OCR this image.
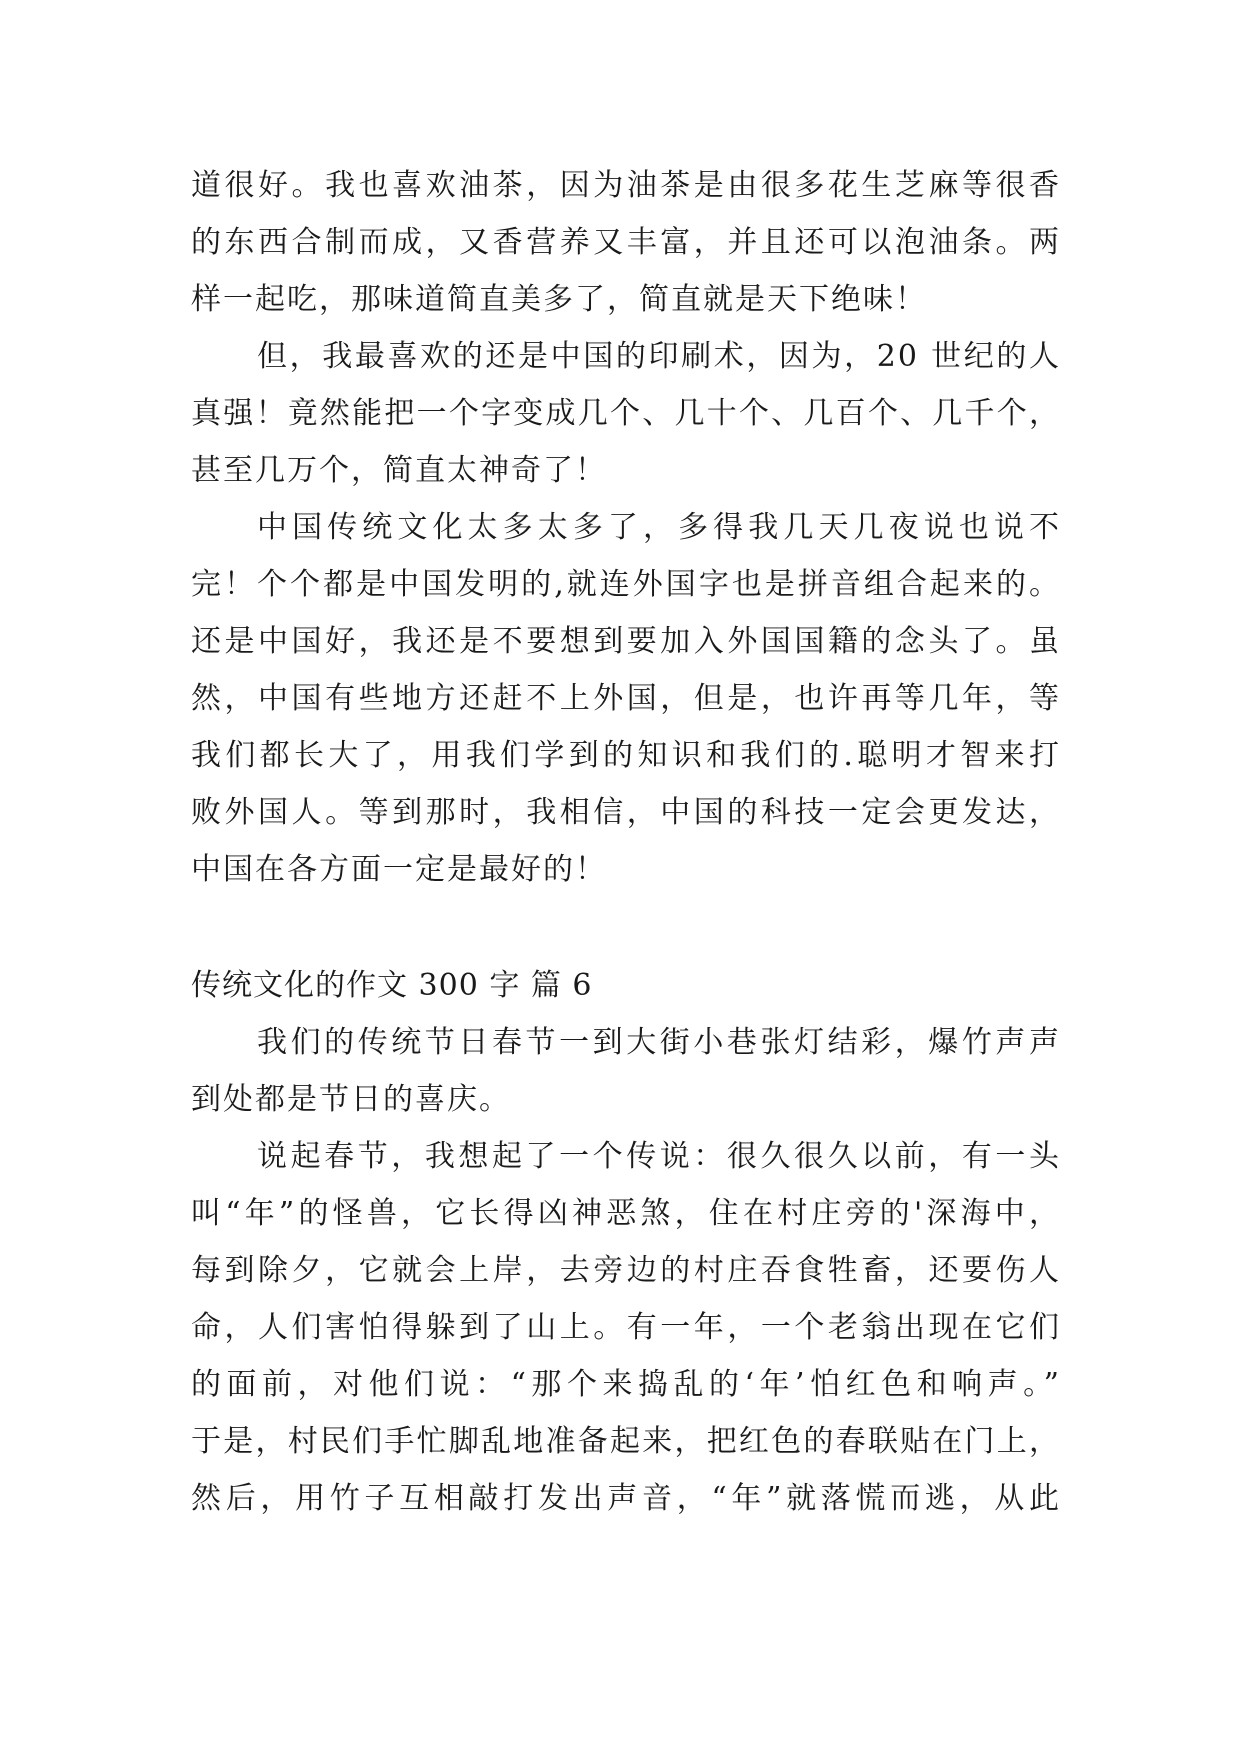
道很好。我也喜欢油茶，因为油茶是由很多花生芝麻等很香
的东西合制而成，又香营养又丰富，并且还可以泡油条。两
样一起吃，那味道简直美多了，简直就是天下绝味！
但，我最喜欢的还是中国的印刷术，因为，20 世纪的人
真强！竟然能把一个字变成几个、几十个、几百个、几千个，
甚至几万个，简直太神奇了！
中国传统文化太多太多了，多得我几天几夜说也说不
完！个个都是中国发明的,就连外国字也是拼音组合起来的。
还是中国好，我还是不要想到要加入外国国籍的念头了。虽
然，中国有些地方还赶不上外国，但是，也许再等几年，等
我们都长大了，用我们学到的知识和我们的.聪明才智来打
败外国人。等到那时，我相信，中国的科技一定会更发达，
中国在各方面一定是最好的！
传统文化的作文 300 字 篇 6
我们的传统节日春节一到大街小巷张灯结彩，爆竹声声
到处都是节日的喜庆。
说起春节，我想起了一个传说：很久很久以前，有一头
叫“年”的怪兽，它长得凶神恶煞，住在村庄旁的'深海中，
每到除夕，它就会上岸，去旁边的村庄吞食牲畜，还要伤人
命，人们害怕得躲到了山上。有一年，一个老翁出现在它们
的面前，对他们说：“那个来捣乱的‘年’怕红色和响声。”
于是，村民们手忙脚乱地准备起来，把红色的春联贴在门上，
然后，用竹子互相敲打发出声音，“年”就落慌而逃，从此
